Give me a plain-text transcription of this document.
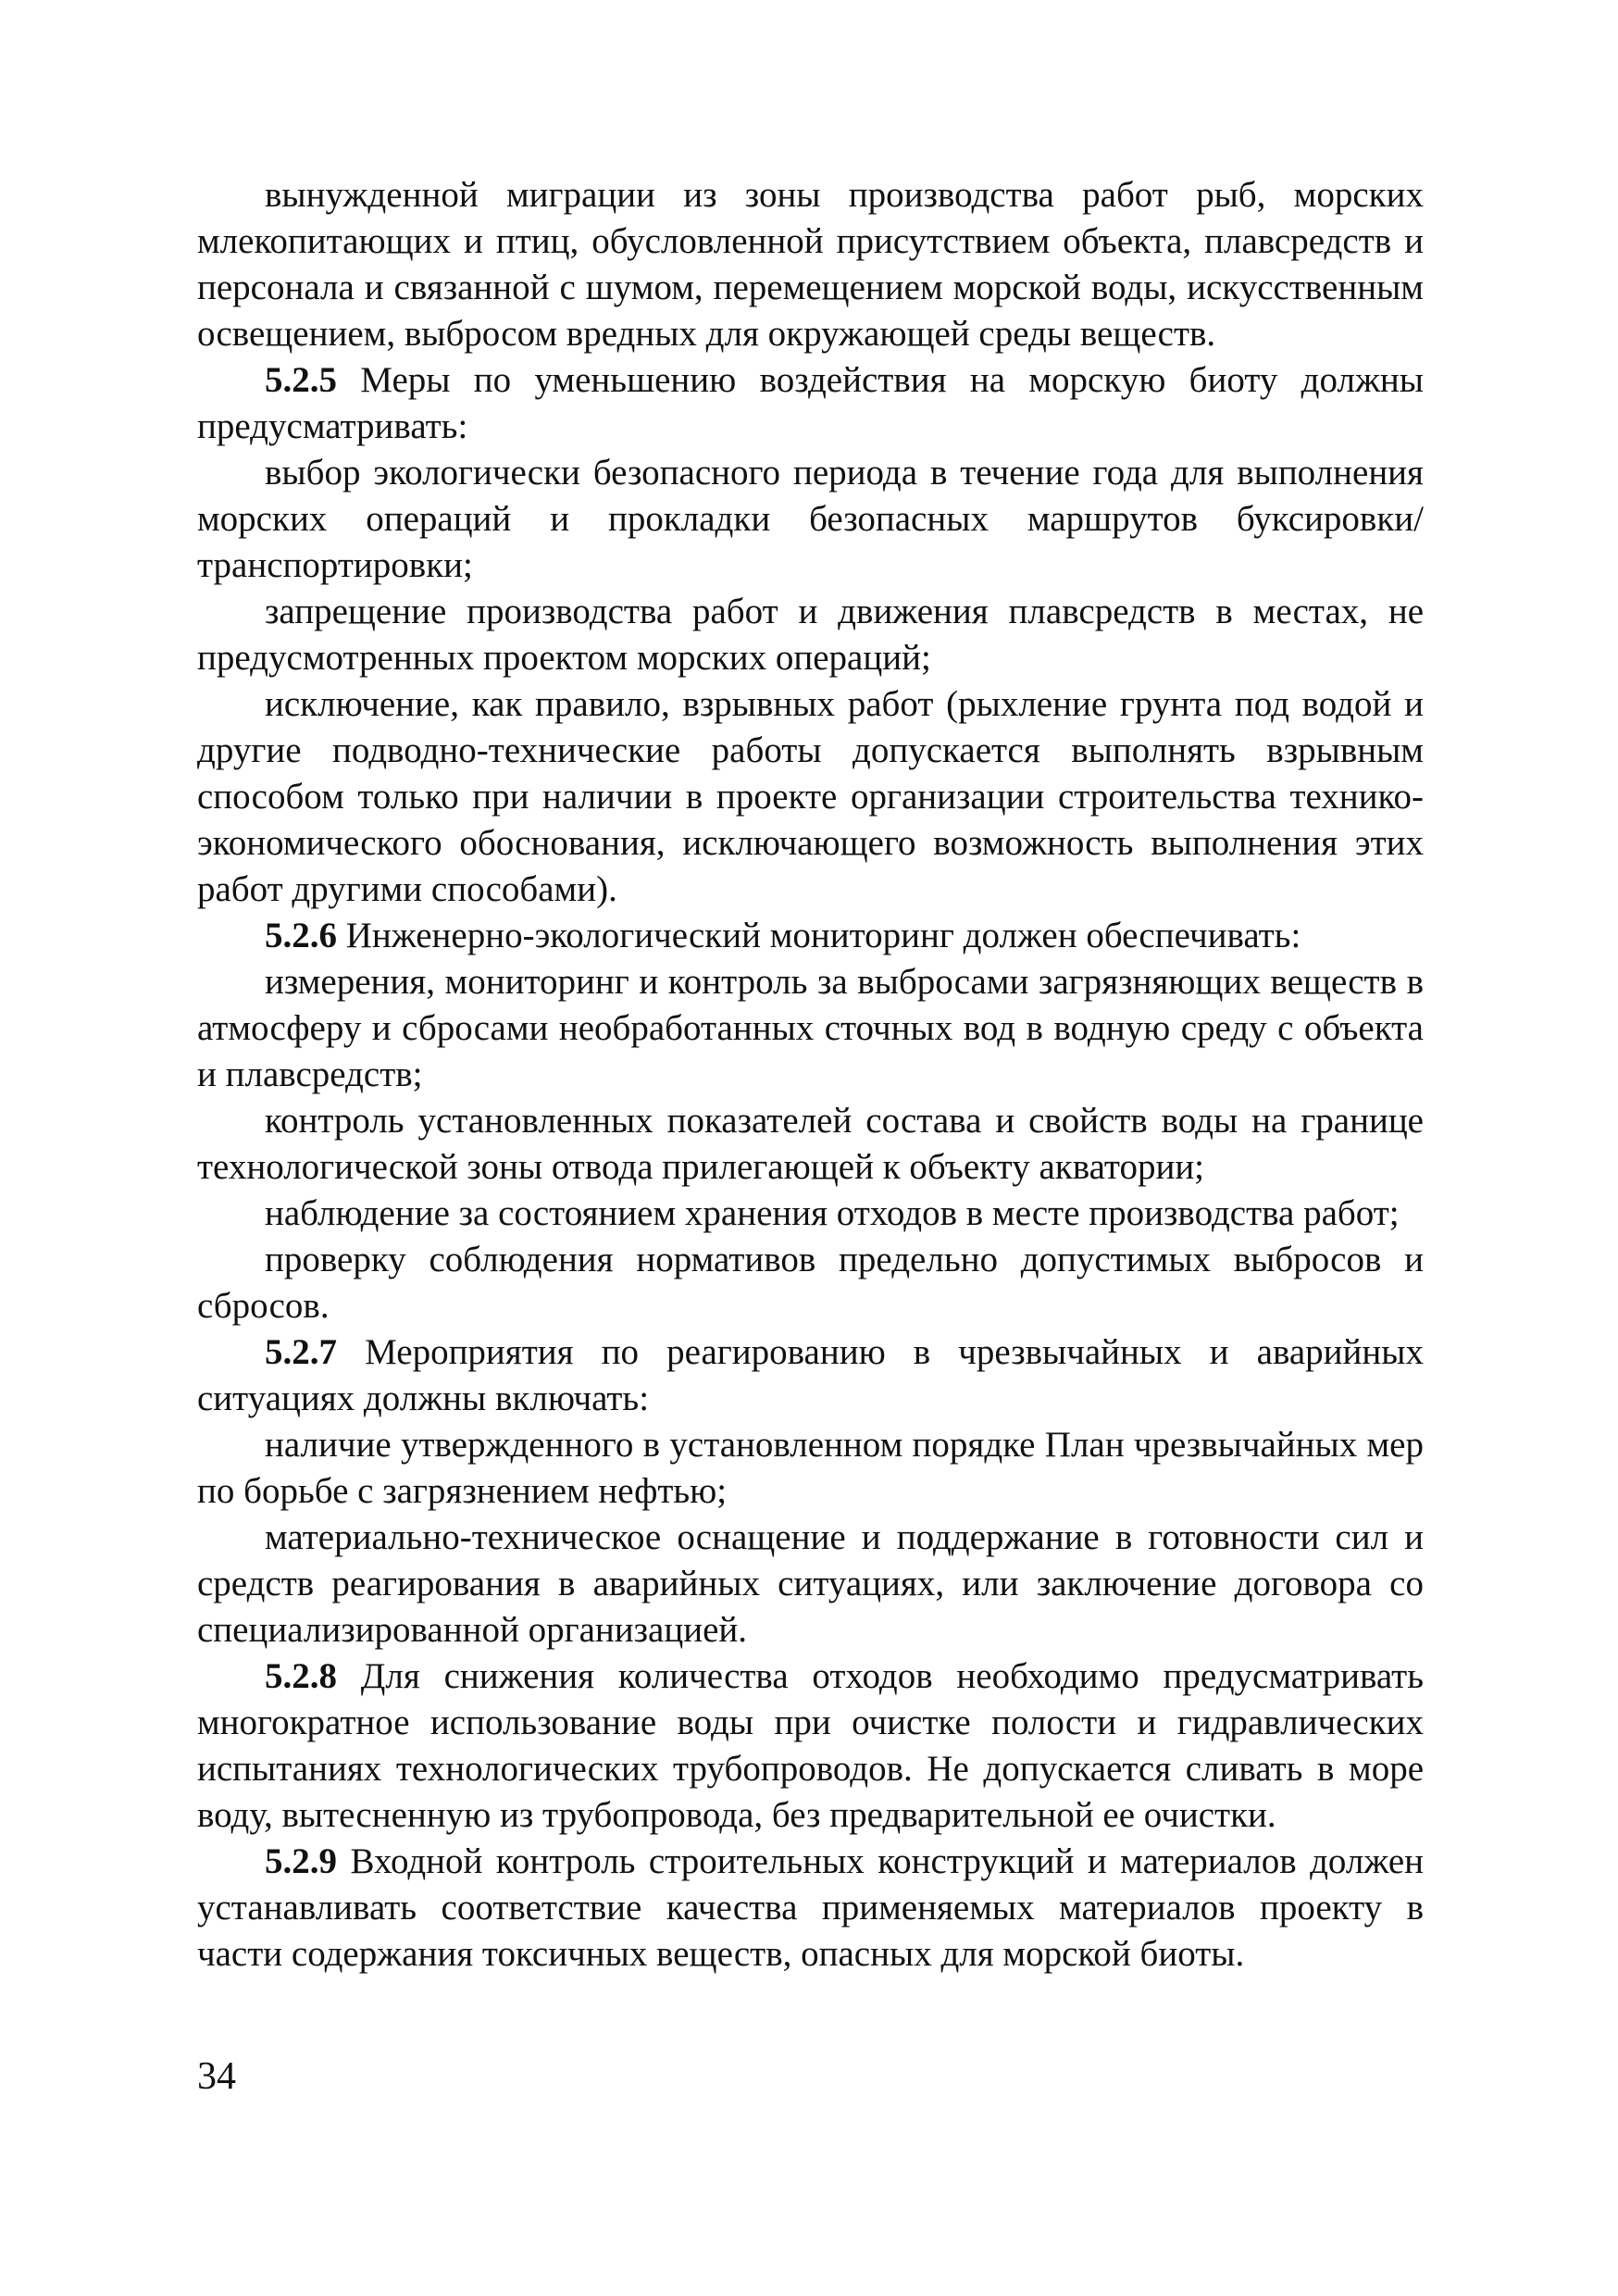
вынужденной миграции из зоны производства работ рыб, морских млекопитающих и птиц, обусловленной присутствием объекта, плавсредств и персонала и связанной с шумом, перемещением морской воды, искусственным освещением, выбросом вредных для окружающей среды веществ.

5.2.5 Меры по уменьшению воздействия на морскую биоту должны предусматривать:

выбор экологически безопасного периода в течение года для выполнения морских операций и прокладки безопасных маршрутов буксировки/транспортировки;

запрещение производства работ и движения плавсредств в местах, не предусмотренных проектом морских операций;

исключение, как правило, взрывных работ (рыхление грунта под водой и другие подводно-технические работы допускается выполнять взрывным способом только при наличии в проекте организации строительства технико-экономического обоснования, исключающего возможность выполнения этих работ другими способами).

5.2.6 Инженерно-экологический мониторинг должен обеспечивать:

измерения, мониторинг и контроль за выбросами загрязняющих веществ в атмосферу и сбросами необработанных сточных вод в водную среду с объекта и плавсредств;

контроль установленных показателей состава и свойств воды на границе технологической зоны отвода прилегающей к объекту акватории;

наблюдение за состоянием хранения отходов в месте производства работ;

проверку соблюдения нормативов предельно допустимых выбросов и сбросов.

5.2.7 Мероприятия по реагированию в чрезвычайных и аварийных ситуациях должны включать:

наличие утвержденного в установленном порядке План чрезвычайных мер по борьбе с загрязнением нефтью;

материально-техническое оснащение и поддержание в готовности сил и средств реагирования в аварийных ситуациях, или заключение договора со специализированной организацией.

5.2.8 Для снижения количества отходов необходимо предусматривать многократное использование воды при очистке полости и гидравлических испытаниях технологических трубопроводов. Не допускается сливать в море воду, вытесненную из трубопровода, без предварительной ее очистки.

5.2.9 Входной контроль строительных конструкций и материалов должен устанавливать соответствие качества применяемых материалов проекту в части содержания токсичных веществ, опасных для морской биоты.

34
